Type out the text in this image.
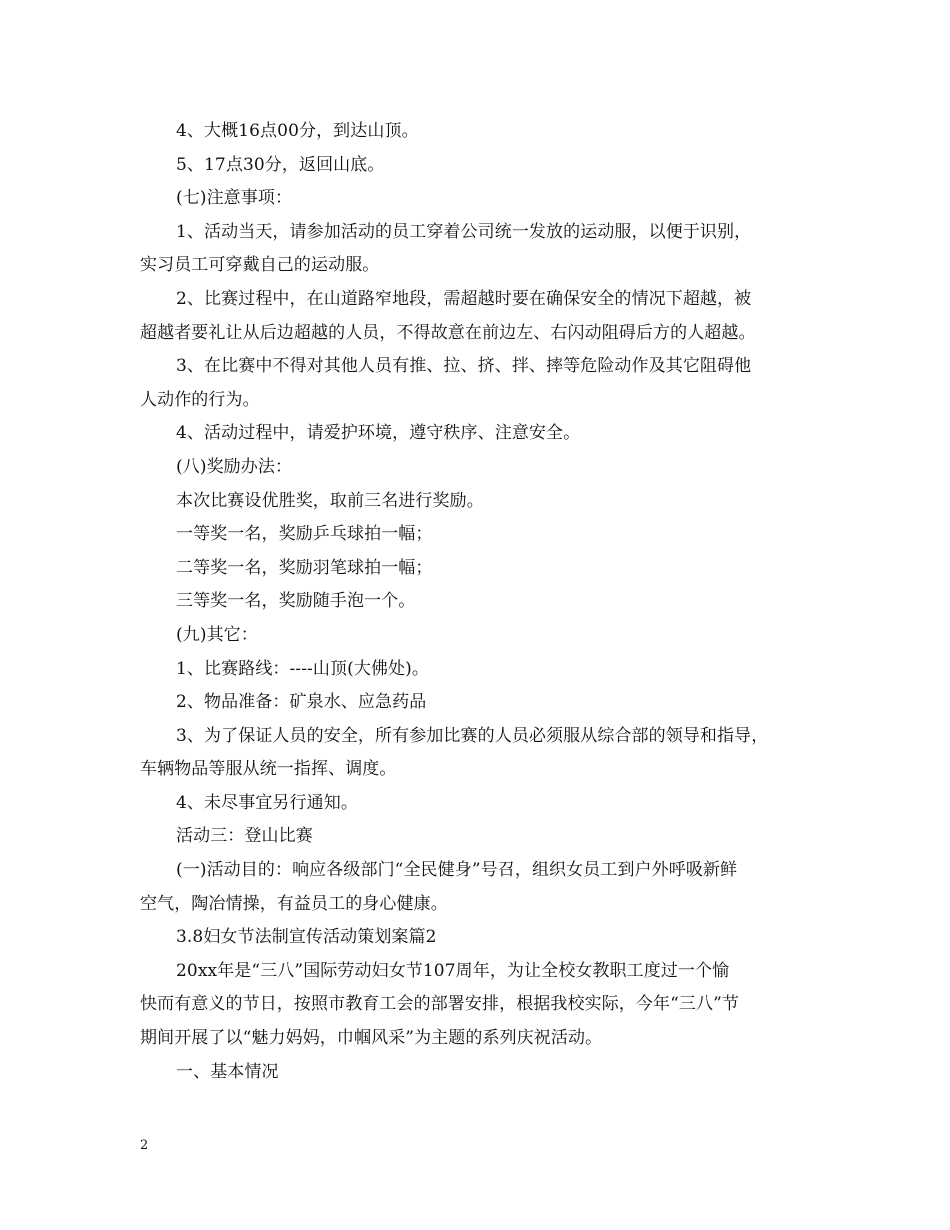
4、大概16点00分，到达山顶。
5、17点30分，返回山底。
(七)注意事项：
1、活动当天，请参加活动的员工穿着公司统一发放的运动服，以便于识别，
实习员工可穿戴自己的运动服。
2、比赛过程中，在山道路窄地段，需超越时要在确保安全的情况下超越，被
超越者要礼让从后边超越的人员，不得故意在前边左、右闪动阻碍后方的人超越。
3、在比赛中不得对其他人员有推、拉、挤、拌、摔等危险动作及其它阻碍他
人动作的行为。
4、活动过程中，请爱护环境，遵守秩序、注意安全。
(八)奖励办法：
本次比赛设优胜奖，取前三名进行奖励。
一等奖一名，奖励乒乓球拍一幅；
二等奖一名，奖励羽笔球拍一幅；
三等奖一名，奖励随手泡一个。
(九)其它：
1、比赛路线：----山顶(大佛处)。
2、物品准备：矿泉水、应急药品
3、为了保证人员的安全，所有参加比赛的人员必须服从综合部的领导和指导，
车辆物品等服从统一指挥、调度。
4、未尽事宜另行通知。
活动三：登山比赛
(一)活动目的：响应各级部门“全民健身”号召，组织女员工到户外呼吸新鲜
空气，陶冶情操，有益员工的身心健康。
3.8妇女节法制宣传活动策划案篇2
20xx年是“三八”国际劳动妇女节107周年，为让全校女教职工度过一个愉
快而有意义的节日，按照市教育工会的部署安排，根据我校实际，今年“三八”节
期间开展了以“魅力妈妈，巾帼风采”为主题的系列庆祝活动。
一、基本情况
2
